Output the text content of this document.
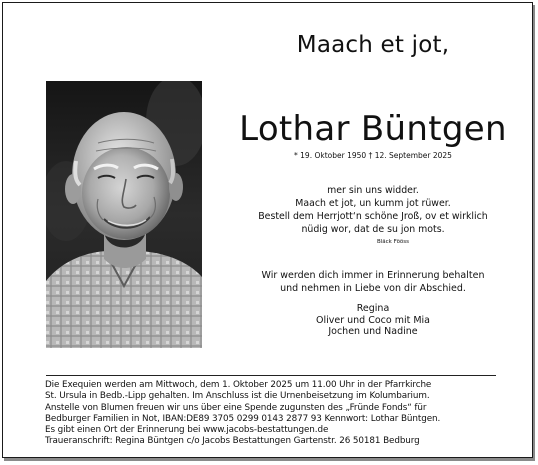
Maach et jot,
Lothar Büntgen
* 19. Oktober 1950 † 12. September 2025
mer sin uns widder.
Maach et jot, un kumm jot rüwer.
Bestell dem Herrjott‘n schöne Jroß, ov et wirklich
nüdig wor, dat de su jon mots.
Bläck Fööss
Wir werden dich immer in Erinnerung behalten
und nehmen in Liebe von dir Abschied.
Regina
Oliver und Coco mit Mia
Jochen und Nadine
Die Exequien werden am Mittwoch, dem 1. Oktober 2025 um 11.00 Uhr in der Pfarrkirche
St. Ursula in Bedb.-Lipp gehalten. Im Anschluss ist die Urnenbeisetzung im Kolumbarium.
Anstelle von Blumen freuen wir uns über eine Spende zugunsten des „Fründe Fonds“ für
Bedburger Familien in Not, IBAN:DE89 3705 0299 0143 2877 93 Kennwort: Lothar Büntgen.
Es gibt einen Ort der Erinnerung bei www.jacobs-bestattungen.de
Traueranschrift: Regina Büntgen c/o Jacobs Bestattungen Gartenstr. 26 50181 Bedburg
